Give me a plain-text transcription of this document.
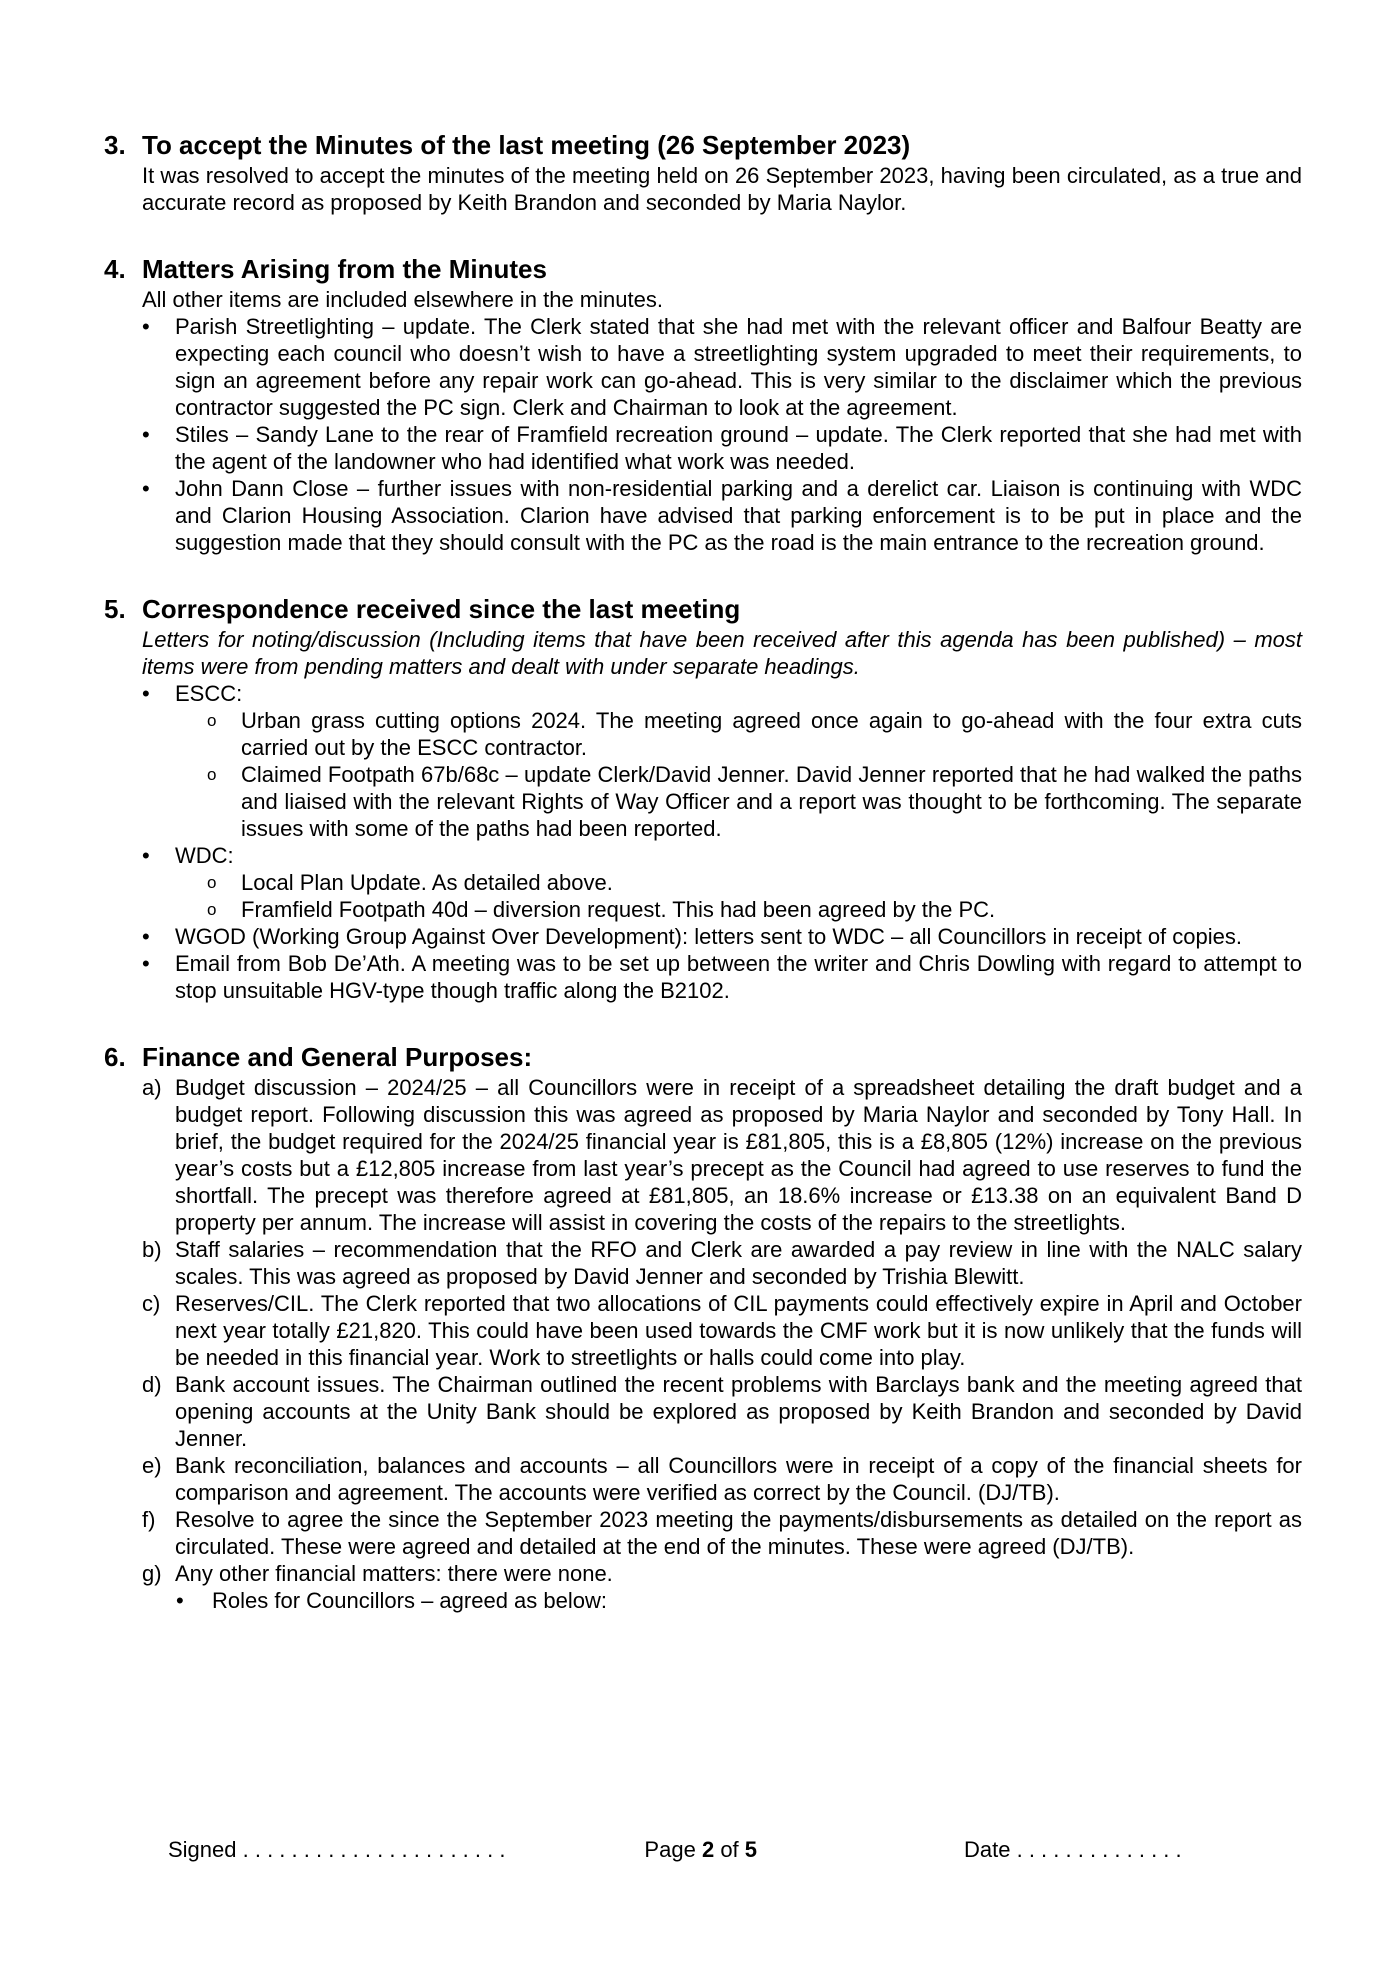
3. To accept the Minutes of the last meeting (26 September 2023)

It was resolved to accept the minutes of the meeting held on 26 September 2023, having been circulated, as a true and accurate record as proposed by Keith Brandon and seconded by Maria Naylor.

4. Matters Arising from the Minutes

All other items are included elsewhere in the minutes.

•	Parish Streetlighting – update. The Clerk stated that she had met with the relevant officer and Balfour Beatty are expecting each council who doesn’t wish to have a streetlighting system upgraded to meet their requirements, to sign an agreement before any repair work can go-ahead. This is very similar to the disclaimer which the previous contractor suggested the PC sign. Clerk and Chairman to look at the agreement.
•	Stiles – Sandy Lane to the rear of Framfield recreation ground – update. The Clerk reported that she had met with the agent of the landowner who had identified what work was needed.
•	John Dann Close – further issues with non-residential parking and a derelict car. Liaison is continuing with WDC and Clarion Housing Association. Clarion have advised that parking enforcement is to be put in place and the suggestion made that they should consult with the PC as the road is the main entrance to the recreation ground.
5. Correspondence received since the last meeting

Letters for noting/discussion (Including items that have been received after this agenda has been published) – most items were from pending matters and dealt with under separate headings.

•	ESCC:
o	Urban grass cutting options 2024. The meeting agreed once again to go-ahead with the four extra cuts carried out by the ESCC contractor.
o	Claimed Footpath 67b/68c – update Clerk/David Jenner. David Jenner reported that he had walked the paths and liaised with the relevant Rights of Way Officer and a report was thought to be forthcoming. The separate issues with some of the paths had been reported.
•	WDC:
o	Local Plan Update. As detailed above.
o	Framfield Footpath 40d – diversion request. This had been agreed by the PC.
•	WGOD (Working Group Against Over Development): letters sent to WDC – all Councillors in receipt of copies.
•	Email from Bob De’Ath. A meeting was to be set up between the writer and Chris Dowling with regard to attempt to stop unsuitable HGV-type though traffic along the B2102.
6. Finance and General Purposes:
a) Budget discussion – 2024/25 – all Councillors were in receipt of a spreadsheet detailing the draft budget and a budget report. Following discussion this was agreed as proposed by Maria Naylor and seconded by Tony Hall. In brief, the budget required for the 2024/25 financial year is £81,805, this is a £8,805 (12%) increase on the previous year’s costs but a £12,805 increase from last year’s precept as the Council had agreed to use reserves to fund the shortfall. The precept was therefore agreed at £81,805, an 18.6% increase or £13.38 on an equivalent Band D property per annum. The increase will assist in covering the costs of the repairs to the streetlights.
b) Staff salaries – recommendation that the RFO and Clerk are awarded a pay review in line with the NALC salary scales. This was agreed as proposed by David Jenner and seconded by Trishia Blewitt.
c) Reserves/CIL. The Clerk reported that two allocations of CIL payments could effectively expire in April and October next year totally £21,820. This could have been used towards the CMF work but it is now unlikely that the funds will be needed in this financial year. Work to streetlights or halls could come into play.
d) Bank account issues. The Chairman outlined the recent problems with Barclays bank and the meeting agreed that opening accounts at the Unity Bank should be explored as proposed by Keith Brandon and seconded by David Jenner.
e) Bank reconciliation, balances and accounts – all Councillors were in receipt of a copy of the financial sheets for comparison and agreement. The accounts were verified as correct by the Council. (DJ/TB).
f) Resolve to agree the since the September 2023 meeting the payments/disbursements as detailed on the report as circulated. These were agreed and detailed at the end of the minutes. These were agreed (DJ/TB).
g) Any other financial matters: there were none.
•	Roles for Councillors – agreed as below:
Signed . . . . . . . . . . . . . . . . . . . . . .	Page 2 of 5	Date . . . . . . . . . . . . . .
